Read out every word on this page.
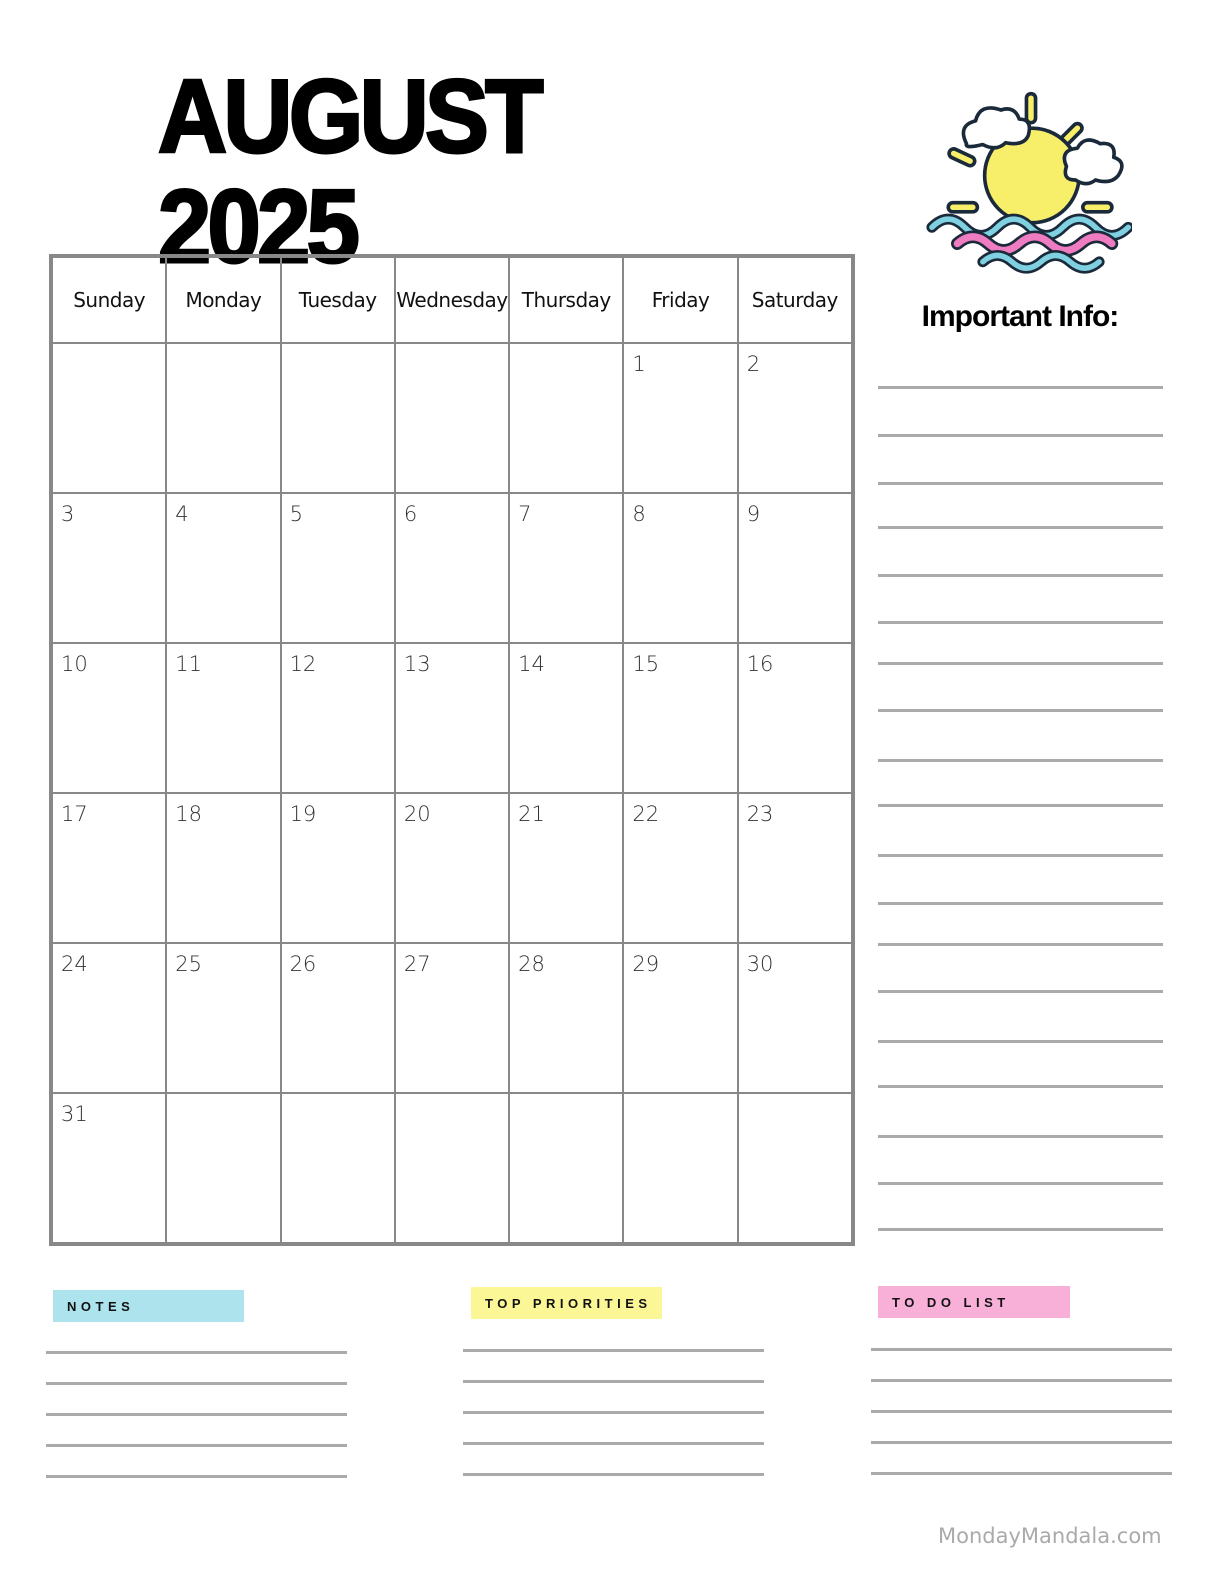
AUGUST 2025
Sunday	Monday	Tuesday	Wednesday	Thursday	Friday	Saturday

					1	2

3	4	5	6	7	8	9

10	11	12	13	14	15	16

17	18	19	20	21	22	23

24	25	26	27	28	29	30

31						

Important Info:
NOTES	TOP PRIORITIES	TO DO LIST
MondayMandala.com
